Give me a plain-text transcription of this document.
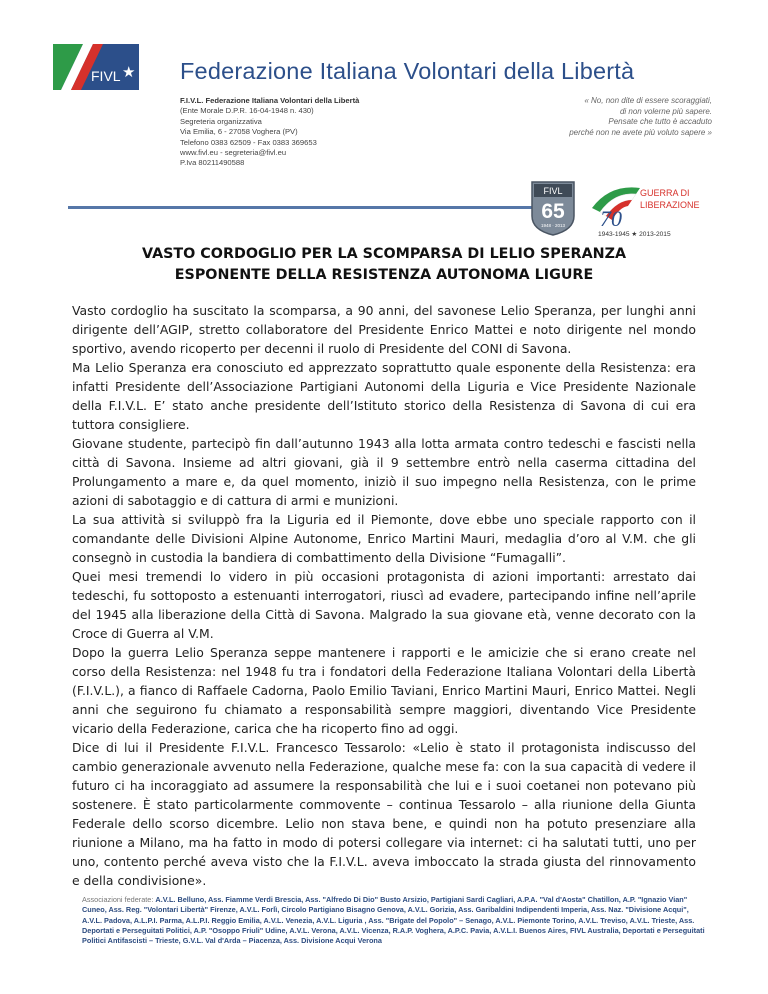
FIVL ★ Federazione Italiana Volontari della Libertà
F.I.V.L. Federazione Italiana Volontari della Libertà
(Ente Morale D.P.R. 16-04-1948 n. 430)
Segreteria organizzativa
Via Emilia, 6 - 27058 Voghera (PV)
Telefono 0383 62509 - Fax 0383 369653
www.fivl.eu - segreteria@fivl.eu
P.Iva 80211490588
« No, non dite di essere scoraggiati,
di non volerne più sapere.
Pensate che tutto è accaduto
perché non ne avete più voluto sapere »
FIVL
65
1948 · 2013 70
GUERRA DI
LIBERAZIONE
1943-1945 ★ 2013-2015
VASTO CORDOGLIO PER LA SCOMPARSA DI LELIO SPERANZA
ESPONENTE DELLA RESISTENZA AUTONOMA LIGURE

Vasto cordoglio ha suscitato la scomparsa, a 90 anni, del savonese Lelio Speranza, per lunghi anni dirigente dell’AGIP, stretto collaboratore del Presidente Enrico Mattei e noto dirigente nel mondo sportivo, avendo ricoperto per decenni il ruolo di Presidente del CONI di Savona.

Ma Lelio Speranza era conosciuto ed apprezzato soprattutto quale esponente della Resistenza: era infatti Presidente dell’Associazione Partigiani Autonomi della Liguria e Vice Presidente Nazionale della F.I.V.L. E’ stato anche presidente dell’Istituto storico della Resistenza di Savona di cui era tuttora consigliere.

Giovane studente, partecipò fin dall’autunno 1943 alla lotta armata contro tedeschi e fascisti nella città di Savona. Insieme ad altri giovani, già il 9 settembre entrò nella caserma cittadina del Prolungamento a mare e, da quel momento, iniziò il suo impegno nella Resistenza, con le prime azioni di sabotaggio e di cattura di armi e munizioni.

La sua attività si sviluppò fra la Liguria ed il Piemonte, dove ebbe uno speciale rapporto con il comandante delle Divisioni Alpine Autonome, Enrico Martini Mauri, medaglia d’oro al V.M. che gli consegnò in custodia la bandiera di combattimento della Divisione “Fumagalli”.

Quei mesi tremendi lo videro in più occasioni protagonista di azioni importanti: arrestato dai tedeschi, fu sottoposto a estenuanti interrogatori, riuscì ad evadere, partecipando infine nell’aprile del 1945 alla liberazione della Città di Savona. Malgrado la sua giovane età, venne decorato con la Croce di Guerra al V.M.

Dopo la guerra Lelio Speranza seppe mantenere i rapporti e le amicizie che si erano create nel corso della Resistenza: nel 1948 fu tra i fondatori della Federazione Italiana Volontari della Libertà (F.I.V.L.), a fianco di Raffaele Cadorna, Paolo Emilio Taviani, Enrico Martini Mauri, Enrico Mattei. Negli anni che seguirono fu chiamato a responsabilità sempre maggiori, diventando Vice Presidente vicario della Federazione, carica che ha ricoperto fino ad oggi.

Dice di lui il Presidente F.I.V.L. Francesco Tessarolo: «Lelio è stato il protagonista indiscusso del cambio generazionale avvenuto nella Federazione, qualche mese fa: con la sua capacità di vedere il futuro ci ha incoraggiato ad assumere la responsabilità che lui e i suoi coetanei non potevano più sostenere. È stato particolarmente commovente – continua Tessarolo – alla riunione della Giunta Federale dello scorso dicembre. Lelio non stava bene, e quindi non ha potuto presenziare alla riunione a Milano, ma ha fatto in modo di potersi collegare via internet: ci ha salutati tutti, uno per uno, contento perché aveva visto che la F.I.V.L. aveva imboccato la strada giusta del rinnovamento e della condivisione».

Associazioni federate: A.V.L. Belluno, Ass. Fiamme Verdi Brescia, Ass. "Alfredo Di Dio" Busto Arsizio, Partigiani Sardi Cagliari, A.P.A. "Val d'Aosta" Chatillon, A.P. "Ignazio Vian" Cuneo, Ass. Reg. "Volontari Libertà" Firenze, A.V.L. Forlì, Circolo Partigiano Bisagno Genova, A.V.L. Gorizia, Ass. Garibaldini Indipendenti Imperia, Ass. Naz. "Divisione Acqui", A.V.L. Padova, A.L.P.I. Parma, A.L.P.I. Reggio Emilia, A.V.L. Venezia, A.V.L. Liguria , Ass. "Brigate del Popolo" – Senago, A.V.L. Piemonte Torino, A.V.L. Treviso, A.V.L. Trieste, Ass. Deportati e Perseguitati Politici, A.P. "Osoppo Friuli" Udine, A.V.L. Verona, A.V.L. Vicenza, R.A.P. Voghera, A.P.C. Pavia, A.V.L.I. Buenos Aires, FIVL Australia, Deportati e Perseguitati Politici Antifascisti – Trieste, G.V.L. Val d'Arda – Piacenza, Ass. Divisione Acqui Verona
